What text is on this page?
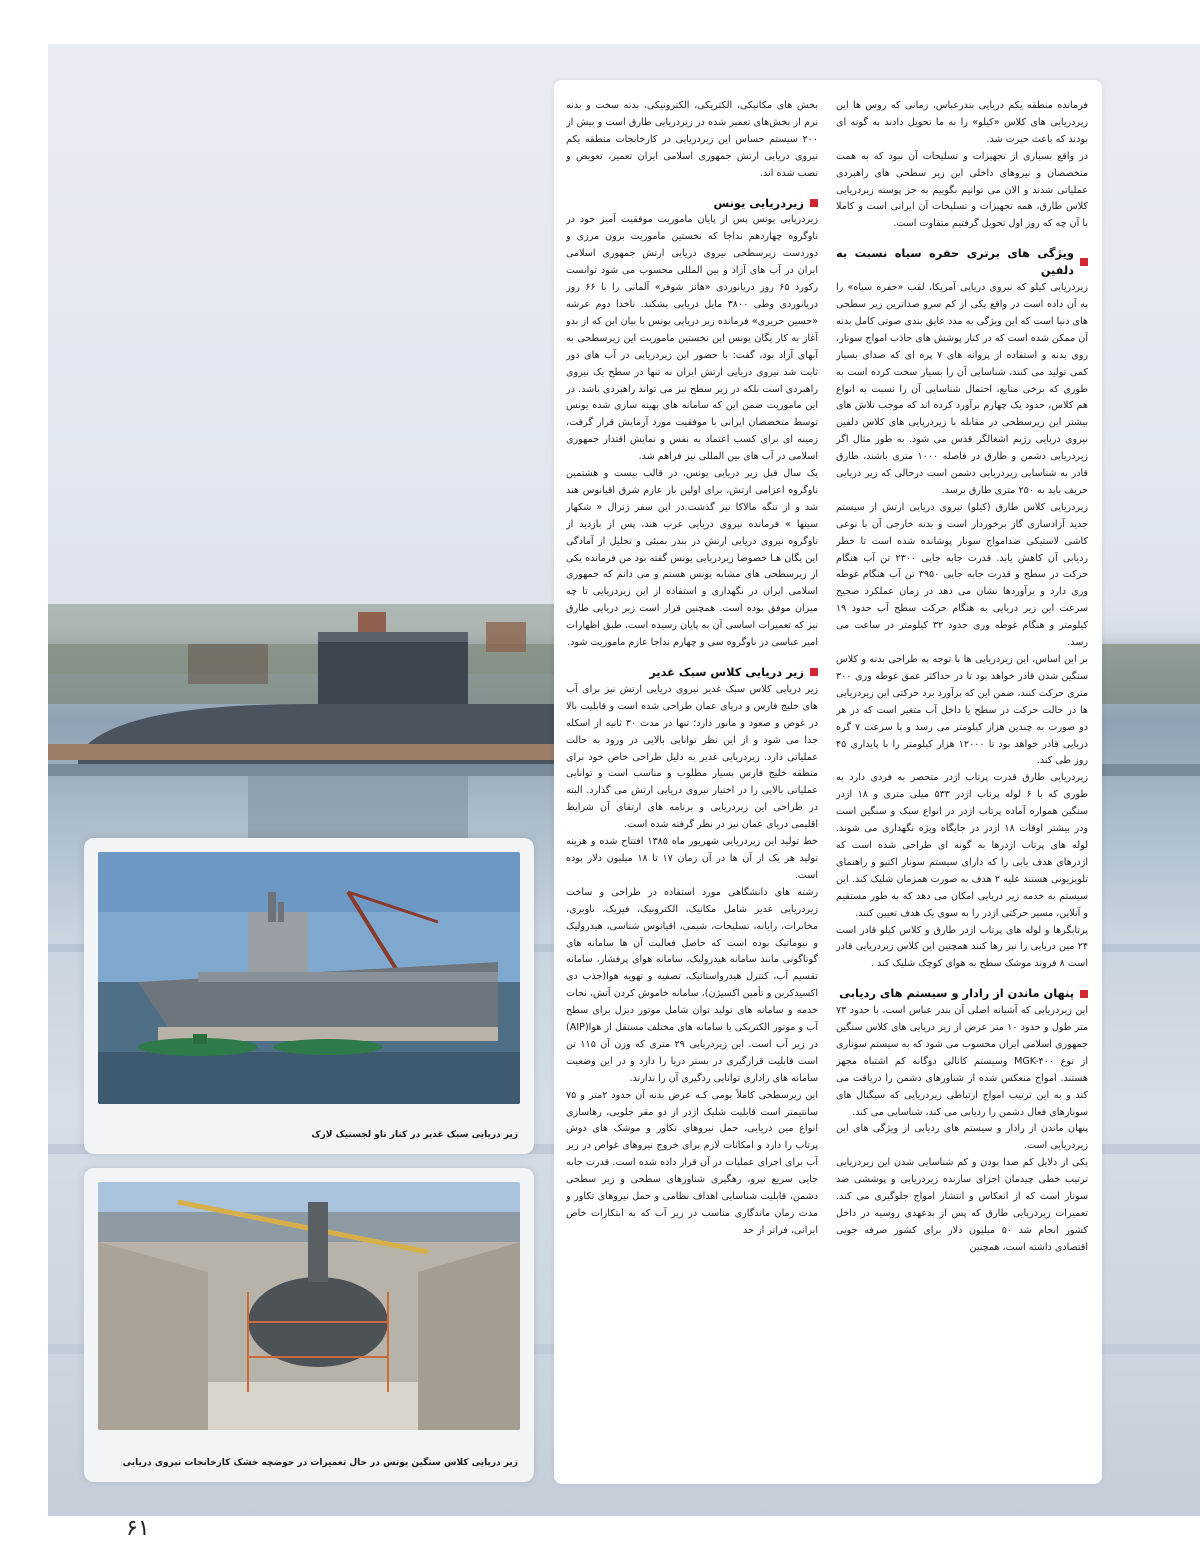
فرمانده منطقه یکم دریایی بندرعباس، زمانی که روس ها این زیردریایی های کلاس «کیلو» را به ما تحویل دادند به گونه ای بودند که باعث حیرت شد.

در واقع بسیاری از تجهیزات و تسلیحات آن نبود که به همت متخصصان و نیروهای داخلی این زیر سطحی های راهبردی عملیاتی شدند و الان می توانیم بگوییم به جز پوسته زیردریایی کلاس طارق، همه تجهیزات و تسلیحات آن ایرانی است و کاملا با آن چه که روز اول تحویل گرفتیم متفاوت است.

ویژگی های برتری حفره سیاه نسبت به دلفین

زیردریایی کیلو که نیروی دریایی آمریکا، لقب «حفره سیاه» را به آن داده است در واقع یکی از کم سرو صداترین زیر سطحی های دنیا است که این ویژگی به مدد عایق بندی صوتی کامل بدنه آن ممکن شده است که در کنار پوشش های جاذب امواج سونار، روی بدنه و استفاده از پروانه های ۷ پره ای که صدای بسیار کمی تولید می کنند، شناسایی آن را بسیار سخت کرده است به طوری که برخی منابع، احتمال شناسایی آن را نسبت به انواع هم کلاس، حدود یک چهارم برآورد کرده اند که موجب تلاش های بیشتر این زیرسطحی در مقابله با زیردریایی های کلاس دلفین نیروی دریایی رژیم اشغالگر قدس می شود. به طور مثال اگر زیردریایی دشمن و طارق در فاصله ۱۰۰۰ متری باشند، طارق قادر به شناسایی زیردریایی دشمن است درحالی که زیر دریایی حریف باید به ۲۵۰ متری طارق برسد.

زیردریایی کلاس طارق (کیلو) نیروی دریایی ارتش از سیستم جدید آزادسازی گاز برخوردار است و بدنه خارجی آن با نوعی کاشی لاستیکی ضدامواج سونار پوشانده شده است تا خطر ردیابی آن کاهش یابد. قدرت جابه جایی ۲۳۰۰ تن آب هنگام حرکت در سطح و قدرت جابه جایی ۳۹۵۰ تن آب هنگام غوطه وری دارد و برآوردها نشان می دهد در زمان عملکرد صحیح سرعت این زیر دریایی به هنگام حرکت سطح آب حدود ۱۹ کیلومتر و هنگام غوطه وری حدود ۳۲ کیلومتر در ساعت می رسد.

بر این اساس، این زیردریایی ها با توجه به طراحی بدنه و کلاس سنگین شدن قادر خواهد بود تا در حداکثر عمق غوطه وری ۳۰۰ متری حرکت کنند، ضمن این که برآورد برد حرکتی این زیردریایی ها در حالت حرکت در سطح یا داخل آب متغیر است که در هر دو صورت به چندین هزار کیلومتر می رسد و با سرعت ۷ گره دریایی قادر خواهد بود تا ۱۲۰۰۰ هزار کیلومتر را با پایداری ۴۵ روز طی کند.

زیردریایی طارق قدرت پرتاب اژدر متحصر به فردی دارد به طوری که با ۶ لوله پرتاب اژدر ۵۳۳ میلی متری و ۱۸ اژدر سنگین همواره آماده پرتاب اژدر در انواع سبک و سنگین است ودر بیشتر اوقات ۱۸ اژدر در جایگاه ویژه نگهداری می شوند. لوله های پرتاب اژدرها به گونه ای طراحی شده است که اژدرهای هدف یابی را که دارای سیستم سونار اکتیو و راهنمای تلویزیونی هستند علیه ۲ هدف به صورت همزمان شلیک کند. این سیستم به خدمه زیر دریایی امکان می دهد که به طور مستقیم و آنلاین، مسیر حرکتی اژدر را به سوی یک هدف تعیین کنند.

پرتابگرها و لوله های پرتاب اژدر طارق و کلاس کیلو قادر است ۲۴ مین دریایی را نیز رها کنند همچنین این کلاس زیردریایی قادر است ۸ فروند موشک سطح به هوای کوچک شلیک کند .

پنهان ماندن از رادار و سیستم های ردیابی

این زیردریایی که آشیانه اصلی آن بندر عباس است، با حدود ۷۳ متر طول و حدود ۱۰ متر عرض از زیر دریایی های کلاس سنگین جمهوری اسلامی ایران محسوب می شود که به سیستم سوناری از نوع MGK-۴۰۰ وسیستم کانالی دوگانه کم اشتباه مجهز هستند. امواج منعکس شده از شناورهای دشمن را دریافت می کند و به این ترتیب امواج ارتباطی زیردریایی که سیگنال های سونارهای فعال دشمن را ردیابی می کند، شناسایی می کند.

پنهان ماندن از رادار و سیستم های ردیابی از ویژگی های این زیردریایی است.

یکی از دلایل کم صدا بودن و کم شناسایی شدن این زیردریایی ترتیب خطی چیدمان اجزای سازنده زیردریایی و پوششی ضد سونار است که از انعکاس و انتشار امواج جلوگیری می کند. تعمیرات زیردریایی طارق که پس از بدعهدی روسیه در داخل کشور انجام شد ۵۰ میلیون دلار برای کشور صرفه جویی اقتصادی داشته است، همچنین

بخش های مکانیکی، الکتریکی، الکترونیکی، بدنه سخت و بدنه نرم از بخش‌های تعمیر شده در زیردریایی طارق است و بیش از ۲۰۰ سیستم حساس این زیردریایی در کارخانجات منطقه یکم نیروی دریایی ارتش جمهوری اسلامی ایران تعمیر، تعویض و نصب شده اند.

زیردریایی یونس

زیردریایی یونس پس از پایان ماموریت موفقیت آمیز خود در ناوگروه چهاردهم نداجا که نخستین ماموریت برون مرزی و دوردست زیرسطحی نیروی دریایی ارتش جمهوری اسلامی ایران در آب های آزاد و بین المللی محسوب می شود توانست رکورد ۶۵ روز دریانوردی «هانز شوفر» آلمانی را با ۶۶ روز دریانوردی وطی ۳۸۰۰ مایل دریایی بشکند. ناخدا دوم عرشه «حسین حریری» فرمانده زیر دریایی یونس با بیان این که از بدو آغاز به کار یگان یونس این نخستین ماموریت این زیرسطحی به آبهای آزاد بود، گفت: با حضور این زیردریایی در آب های دور ثابت شد نیروی دریایی ارتش ایران نه تنها در سطح یک نیروی راهبردی است بلکه در زیر سطح نیز می تواند راهبردی باشد. در این ماموریت ضمن این که سامانه های بهینه سازی شده یونس توسط متخصصان ایرانی با موفقیت مورد آزمایش قرار گرفت، زمینه ای برای کسب اعتماد به نفس و نمایش اقتدار جمهوری اسلامی در آب های بین المللی نیز فراهم شد.

یک سال قبل زیر دریایی یونس، در قالب بیست و هشتمین ناوگروه اعزامی ارتش، برای اولین بار عازم شرق اقیانوس هند شد و از تنگه مالاکا نیز گذشت.در این سفر ژنرال « شکهار سینها » فرمانده نیروی دریایی غرب هند، پس از بازدید از ناوگروه نیروی دریایی ارتش در بندر بمبئی و تجلیل از آمادگی این یگان هـا خصوصا زیردریایی یونس گفته بود من فرمانده یکی از زیرسطحی های مشابه یونس هستم و می دانم که جمهوری اسلامی ایران در نگهداری و استفاده از این زیردریایی تا چه میزان موفق بوده است. همچنین قرار است زیر دریایی طارق نیز که تعمیرات اساسی آن به پایان رسیده است، طبق اظهارات امیر عباسی در ناوگروه سی و چهارم نداجا عازم ماموریت شود.

زیر دریایی کلاس سبک غدیر

زیر دریایی کلاس سبک غدیر نیروی دریایی ارتش نیز برای آب های خلیج فارس و دریای عمان طراحی شده است و قابلیت بالا در غوص و صعود و مانور دارد؛ تنها در مدت ۳۰ ثانیه از اسکله جدا می شود و از این نظر توانایی بالایی در ورود به حالت عملیاتی دارد. زیردریایی غدیر به دلیل طراحی خاص خود برای منطقه خلیج فارس بسیار مطلوب و مناسب است و توانایی عملیاتی بالایی را در اختیار نیروی دریایی ارتش می گذارد. البته در طراحی این زیردریایی و برنامه های ارتقای آن شرایط اقلیمی دریای عمان نیز در نظر گرفته شده است.

خط تولید این زیردریایی شهریور ماه ۱۳۸۵ افتتاح شده و هزینه تولید هر یک از آن ها در آن زمان ۱۷ تا ۱۸ میلیون دلار بوده است.

رشته های دانشگاهی مورد استفاده در طراحی و ساخت زیردریایی غدیر شامل مکانیک، الکترونیک، فیزیک، ناوبری، مخابرات، رایانه، تسلیحات، شیمی، اقیانوس شناسی، هیدرولیک و نیوماتیک بوده است که حاصل فعالیت آن ها سامانه های گوناگونی مانند سامانه هیدرولیک، سامانه هوای پرفشار، سامانه تقسیم آب، کنترل هیدرواستاتیک، تصفیه و تهویه هوا(جذب دی اکسیدکربن و تأمین اکسیژن)، سامانه خاموش کردن آتش، نجات خدمه و سامانه های تولید توان شامل موتور دیزل برای سطح آب و موتور الکتریکی یا سامانه های مختلف مستقل از هوا(AIP) در زیر آب است. این زیردریایی ۲۹ متری که وزن آن ۱۱۵ تن است قابلیت قرارگیری در بستر دریا را دارد و در این وضعیت سامانه های راداری توانایی ردگیری آن را ندارند.

این زیرسطحی کاملاً بومی کـه عرض بدنه آن حدود ۲متر و ۷۵ سانتیمتر است قابلیت شلیک اژدر از دو مقر جلویی، رهاسازی انواع مین دریایی، حمل نیروهای تکاور و موشک های دوش پرتاب را دارد و امکانات لازم برای خروج نیروهای غواص در زیر آب برای اجرای عملیات در آن قرار داده شده است. قدرت جابه جایی سریع نیرو، رهگیری شناورهای سطحی و زیر سطحی دشمن، قابلیت شناسایی اهداف نظامی و حمل نیروهای تکاور و مدت زمان ماندگاری مناسب در زیر آب که به ابتکارات خاص ایرانی، فراتر از حد

زیر دریایی سبک غدیر در کنار ناو لجستیک لارک
زیر دریایی کلاس سنگین یونس در حال تعمیرات در حوضچه خشک کارخانجات نیروی دریایی
۶۱
